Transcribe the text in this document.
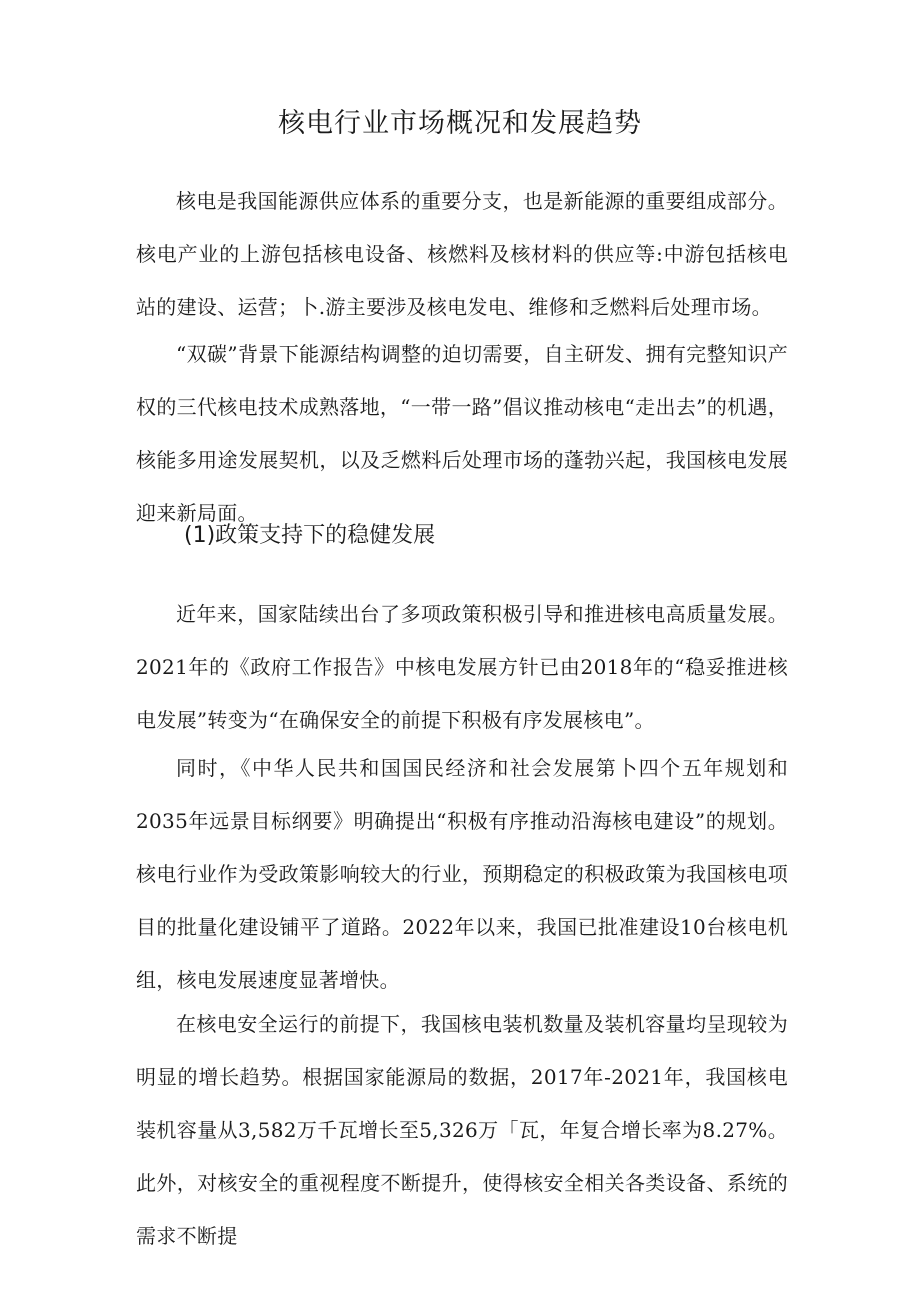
核电行业市场概况和发展趋势

核电是我国能源供应体系的重要分支，也是新能源的重要组成部分。核电产业的上游包括核电设备、核燃料及核材料的供应等:中游包括核电站的建设、运营；卜.游主要涉及核电发电、维修和乏燃料后处理市场。

“双碳”背景下能源结构调整的迫切需要，自主研发、拥有完整知识产权的三代核电技术成熟落地，“一带一路”倡议推动核电“走出去”的机遇，核能多用途发展契机，以及乏燃料后处理市场的蓬勃兴起，我国核电发展迎来新局面。

(1)政策支持下的稳健发展

近年来，国家陆续出台了多项政策积极引导和推进核电高质量发展。2021年的《政府工作报告》中核电发展方针已由2018年的“稳妥推进核电发展”转变为“在确保安全的前提下积极有序发展核电”。

同时，《中华人民共和国国民经济和社会发展第卜四个五年规划和2035年远景目标纲要》明确提出“积极有序推动沿海核电建设”的规划。核电行业作为受政策影响较大的行业，预期稳定的积极政策为我国核电项目的批量化建设铺平了道路。2022年以来，我国已批准建设10台核电机组，核电发展速度显著增快。

在核电安全运行的前提下，我国核电装机数量及装机容量均呈现较为明显的增长趋势。根据国家能源局的数据，2017年-2021年，我国核电装机容量从3,582万千瓦增长至5,326万「瓦，年复合增长率为8.27%。此外，对核安全的重视程度不断提升，使得核安全相关各类设备、系统的需求不断提
